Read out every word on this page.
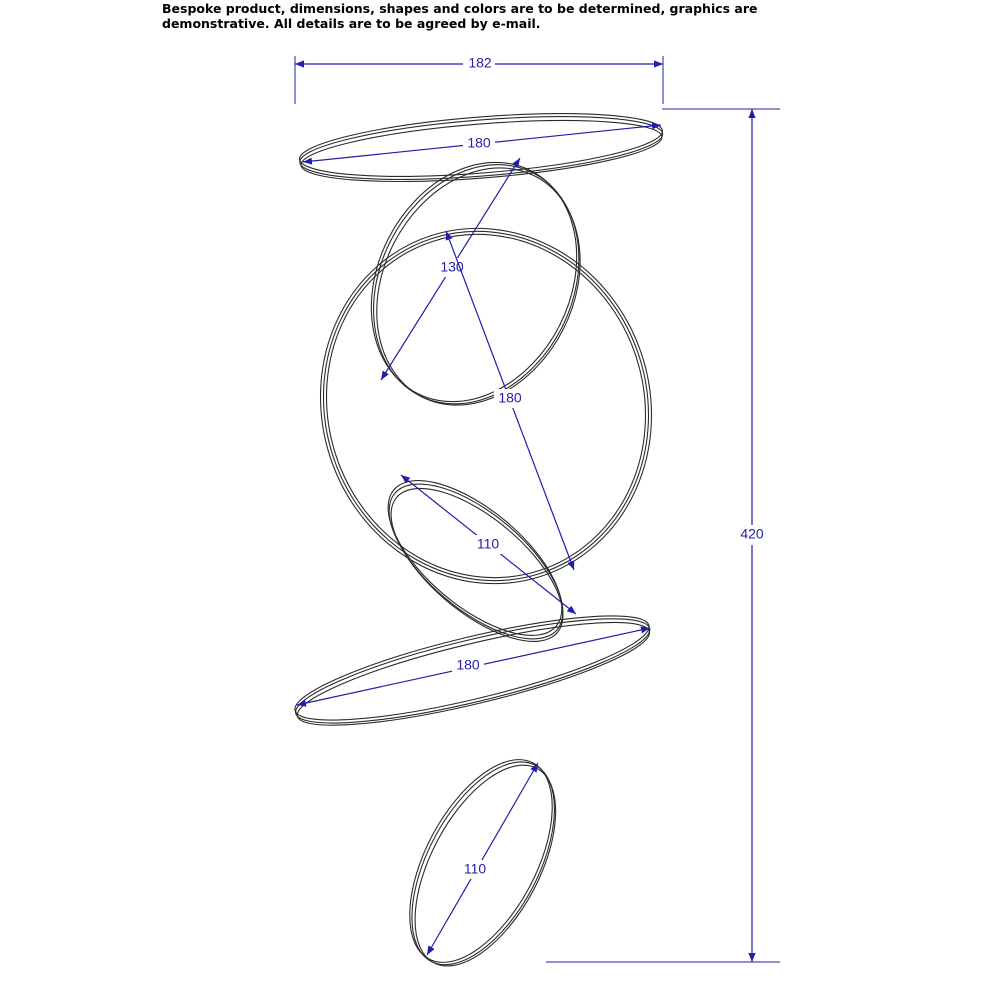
Bespoke product, dimensions, shapes and colors are to be determined, graphics are
demonstrative. All details are to be agreed by e-mail.
182
420
180
130
180
110
180
110
